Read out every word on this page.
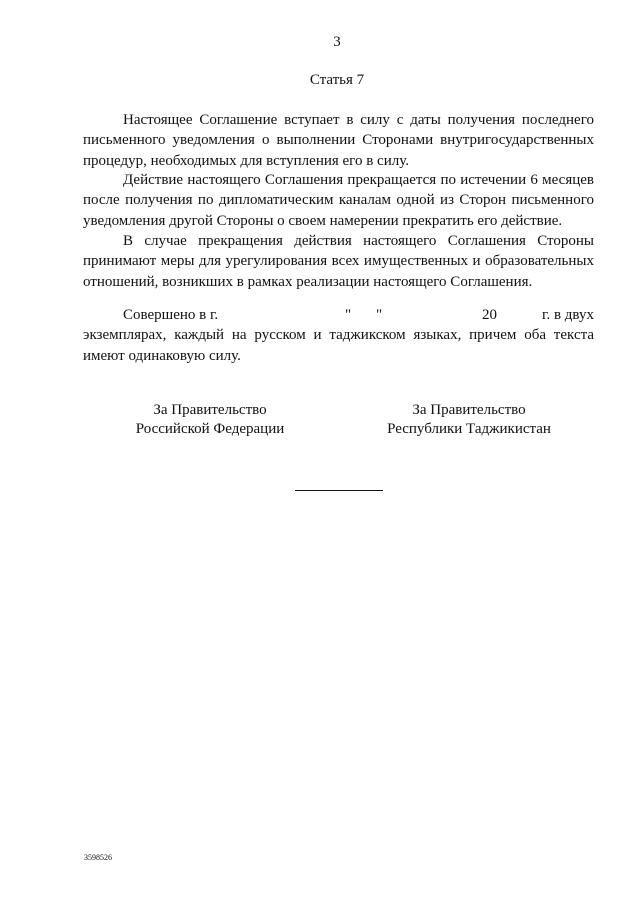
3
Статья 7
Настоящее Соглашение вступает в силу с даты получения последнего
письменного уведомления о выполнении Сторонами внутригосударственных
процедур, необходимых для вступления его в силу.
Действие настоящего Соглашения прекращается по истечении 6 месяцев
после получения по дипломатическим каналам одной из Сторон письменного
уведомления другой Стороны о своем намерении прекратить его действие.
В случае прекращения действия настоящего Соглашения Стороны
принимают меры для урегулирования всех имущественных и образовательных
отношений, возникших в рамках реализации настоящего Соглашения.
Совершено в г.	" "	20	г. в двух
экземплярах, каждый на русском и таджикском языках, причем оба текста
имеют одинаковую силу.
За Правительство
Российской Федерации
За Правительство
Республики Таджикистан
3598526
